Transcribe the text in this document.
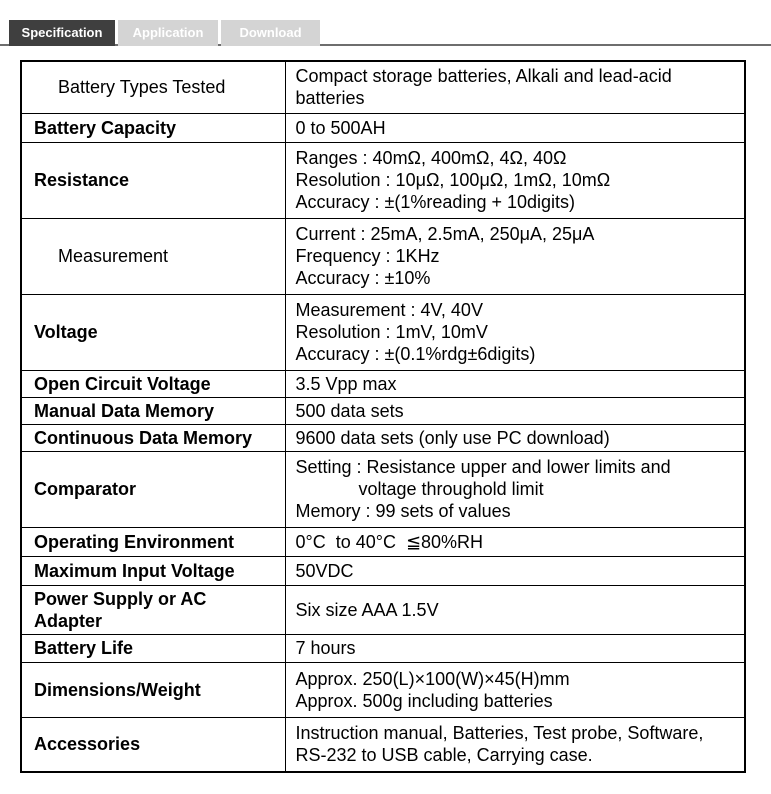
Specification	Application	Download
Battery Types Tested	Compact storage batteries, Alkali and lead-acid batteries

Battery Capacity	0 to 500AH

Resistance	Ranges : 40mΩ, 400mΩ, 4Ω, 40Ω
Resolution : 10μΩ, 100μΩ, 1mΩ, 10mΩ
Accuracy : ±(1%reading + 10digits)

Measurement	Current : 25mA, 2.5mA, 250μA, 25μA
Frequency : 1KHz
Accuracy : ±10%

Voltage	Measurement : 4V, 40V
Resolution : 1mV, 10mV
Accuracy : ±(0.1%rdg±6digits)

Open Circuit Voltage	3.5 Vpp max

Manual Data Memory	500 data sets

Continuous Data Memory	9600 data sets (only use PC download)

Comparator	Setting : Resistance upper and lower limits and
voltage throughold limit
Memory : 99 sets of values

Operating Environment	0°C  to 40°C  ≦80%RH

Maximum Input Voltage	50VDC

Power Supply or AC Adapter	Six size AAA 1.5V

Battery Life	7 hours

Dimensions/Weight	Approx. 250(L)×100(W)×45(H)mm
Approx. 500g including batteries

Accessories	Instruction manual, Batteries, Test probe, Software, RS-232 to USB cable, Carrying case.
